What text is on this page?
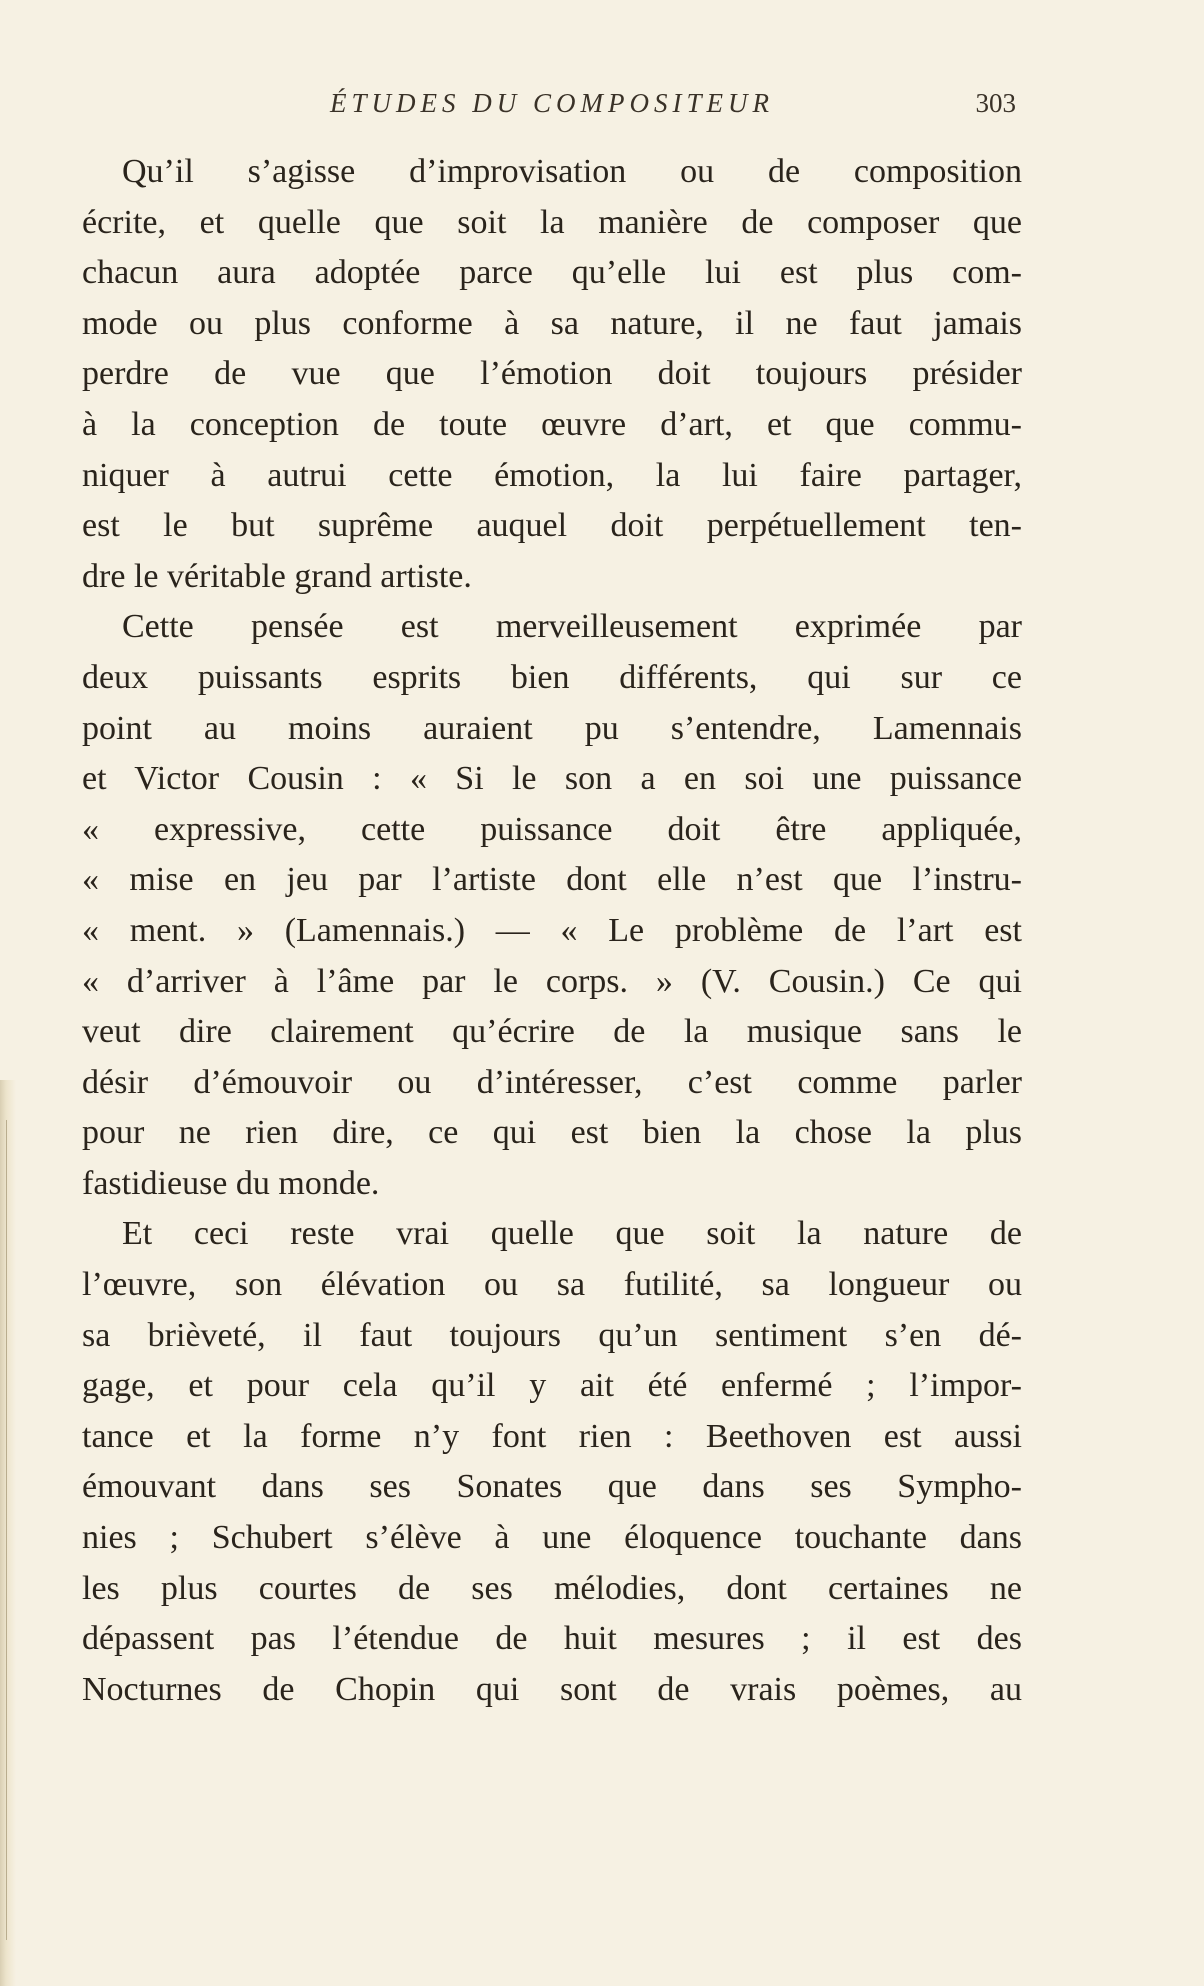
ÉTUDES DU COMPOSITEUR	303
Qu’il s’agisse d’improvisation ou de composition
écrite, et quelle que soit la manière de composer que
chacun aura adoptée parce qu’elle lui est plus com-
mode ou plus conforme à sa nature, il ne faut jamais
perdre de vue que l’émotion doit toujours présider
à la conception de toute œuvre d’art, et que commu-
niquer à autrui cette émotion, la lui faire partager,
est le but suprême auquel doit perpétuellement ten-
dre le véritable grand artiste.
Cette pensée est merveilleusement exprimée par
deux puissants esprits bien différents, qui sur ce
point au moins auraient pu s’entendre, Lamennais
et Victor Cousin : « Si le son a en soi une puissance
« expressive, cette puissance doit être appliquée,
« mise en jeu par l’artiste dont elle n’est que l’instru-
« ment. » (Lamennais.) — « Le problème de l’art est
« d’arriver à l’âme par le corps. » (V. Cousin.) Ce qui
veut dire clairement qu’écrire de la musique sans le
désir d’émouvoir ou d’intéresser, c’est comme parler
pour ne rien dire, ce qui est bien la chose la plus
fastidieuse du monde.
Et ceci reste vrai quelle que soit la nature de
l’œuvre, son élévation ou sa futilité, sa longueur ou
sa brièveté, il faut toujours qu’un sentiment s’en dé-
gage, et pour cela qu’il y ait été enfermé ; l’impor-
tance et la forme n’y font rien : Beethoven est aussi
émouvant dans ses Sonates que dans ses Sympho-
nies ; Schubert s’élève à une éloquence touchante dans
les plus courtes de ses mélodies, dont certaines ne
dépassent pas l’étendue de huit mesures ; il est des
Nocturnes de Chopin qui sont de vrais poèmes, au
